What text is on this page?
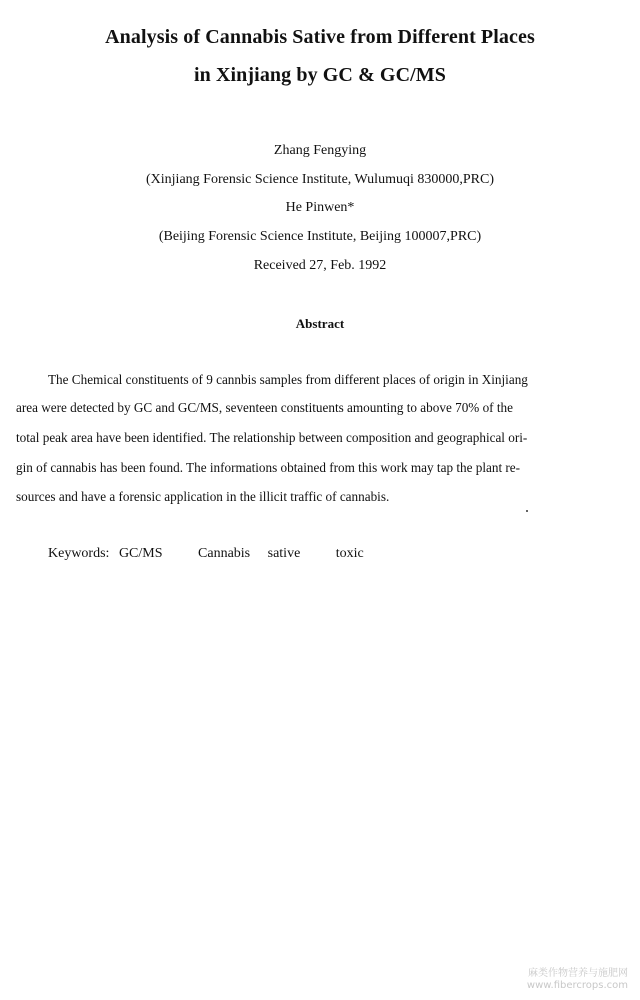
Analysis of Cannabis Sative from Different Places
in Xinjiang by GC & GC/MS
Zhang Fengying
(Xinjiang Forensic Science Institute, Wulumuqi 830000,PRC)
He Pinwen*
(Beijing Forensic Science Institute, Beijing 100007,PRC)
Received 27, Feb. 1992
Abstract
The Chemical constituents of 9 cannbis samples from different places of origin in Xinjiang
area were detected by GC and GC/MS, seventeen constituents amounting to above 70% of the
total peak area have been identified. The relationship between composition and geographical ori-
gin of cannabis has been found. The informations obtained from this work may tap the plant re-
sources and have a forensic application in the illicit traffic of cannabis.
Keywords: GC/MS	Cannabis sative	toxic
麻类作物营养与施肥网
www.fibercrops.com
